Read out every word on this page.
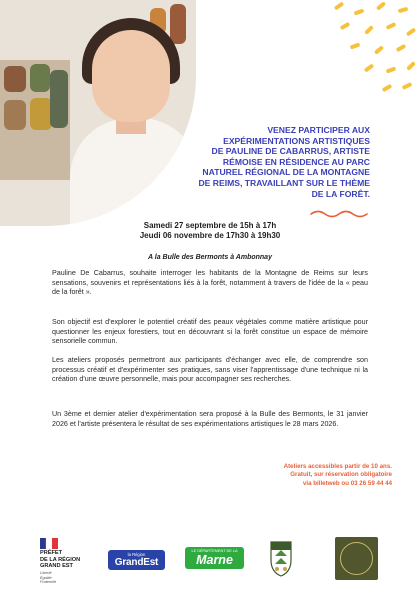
VENEZ PARTICIPER AUX
EXPÉRIMENTATIONS ARTISTIQUES
DE PAULINE DE CABARRUS, ARTISTE
RÉMOISE EN RÉSIDENCE AU PARC
NATUREL RÉGIONAL DE LA MONTAGNE
DE REIMS, TRAVAILLANT SUR LE THÈME
DE LA FORÊT.
Samedi 27 septembre de 15h à 17h
Jeudi 06 novembre de 17h30 à 19h30
A la Bulle des Bermonts à Ambonnay

Pauline De Cabarrus, souhaite interroger les habitants de la Montagne de Reims sur leurs sensations, souvenirs et représentations liés à la forêt, notamment à travers de l'idée de la « peau de la forêt ».

Son objectif est d'explorer le potentiel créatif des peaux végétales comme matière artistique pour questionner les enjeux forestiers, tout en découvrant si la forêt constitue un espace de mémoire sensorielle commun.

Les ateliers proposés permettront aux participants d'échanger avec elle, de comprendre son processus créatif et d'expérimenter ses pratiques, sans viser l'apprentissage d'une technique ni la création d'une œuvre personnelle, mais pour accompagner ses recherches.

Un 3ème et dernier atelier d'expérimentation sera proposé à la Bulle des Bermonts, le 31 janvier 2026 et l'artiste présentera le résultat de ses expérimentations artistiques le 28 mars 2026.

Ateliers accessibles partir de 10 ans.
Gratuit, sur réservation obligatoire
via billetweb ou 03 26 59 44 44
PRÉFET
DE LA RÉGION
GRAND EST
Liberté
Égalité
Fraternité
la Région
GrandEst
LE DÉPARTEMENT DE LA
Marne
